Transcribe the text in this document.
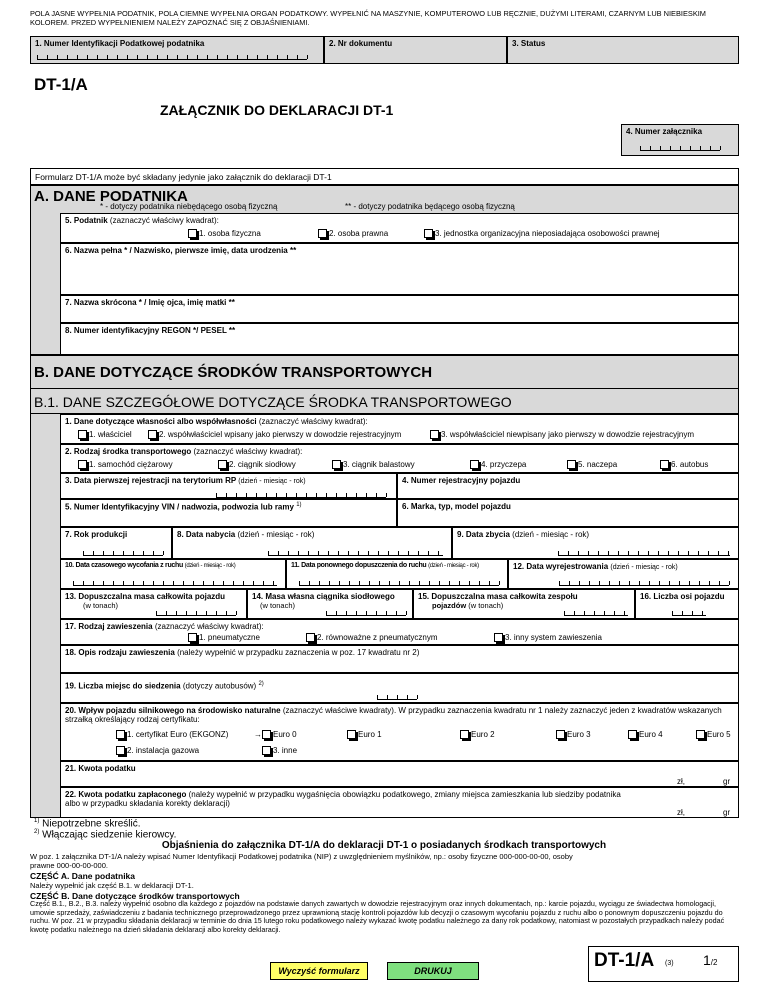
POLA JASNE WYPEŁNIA PODATNIK, POLA CIEMNE WYPEŁNIA ORGAN PODATKOWY. WYPEŁNIĆ NA MASZYNIE, KOMPUTEROWO LUB RĘCZNIE, DUŻYMI LITERAMI, CZARNYM LUB NIEBIESKIM KOLOREM. PRZED WYPEŁNIENIEM NALEŻY ZAPOZNAĆ SIĘ Z OBJAŚNIENIAMI.
1. Numer Identyfikacji Podatkowej podatnika	2. Nr dokumentu	3. Status
DT-1/A
ZAŁĄCZNIK DO DEKLARACJI DT-1
4. Numer załącznika
Formularz DT-1/A może być składany jedynie jako załącznik do deklaracji DT-1
A. DANE PODATNIKA
* - dotyczy podatnika niebędącego osobą fizyczną	** - dotyczy podatnika będącego osobą fizyczną
5. Podatnik (zaznaczyć właściwy kwadrat):
1. osoba fizyczna	2. osoba prawna	3. jednostka organizacyjna nieposiadająca osobowości prawnej
6. Nazwa pełna * / Nazwisko, pierwsze imię, data urodzenia **
7. Nazwa skrócona * / Imię ojca, imię matki **
8. Numer identyfikacyjny REGON */ PESEL **
B. DANE DOTYCZĄCE ŚRODKÓW TRANSPORTOWYCH
B.1. DANE SZCZEGÓŁOWE DOTYCZĄCE ŚRODKA TRANSPORTOWEGO
1. Dane dotyczące własności albo współwłasności (zaznaczyć właściwy kwadrat):
1. właściciel	2. współwłaściciel wpisany jako pierwszy w dowodzie rejestracyjnym	3. współwłaściciel niewpisany jako pierwszy w dowodzie rejestracyjnym
2. Rodzaj środka transportowego (zaznaczyć właściwy kwadrat):
1. samochód ciężarowy	2. ciągnik siodłowy	3. ciągnik balastowy	4. przyczepa	5. naczepa	6. autobus
3. Data pierwszej rejestracji na terytorium RP (dzień - miesiąc - rok)	4. Numer rejestracyjny pojazdu
5. Numer Identyfikacyjny VIN / nadwozia, podwozia lub ramy $^{1)}$	6. Marka, typ, model pojazdu
7. Rok produkcji	8. Data nabycia (dzień - miesiąc - rok)	9. Data zbycia (dzień - miesiąc - rok)
10. Data czasowego wycofania z ruchu (dzień - miesiąc - rok)	11. Data ponownego dopuszczenia do ruchu (dzień - miesiąc - rok)	12. Data wyrejestrowania (dzień - miesiąc - rok)
13. Dopuszczalna masa całkowita pojazdu
(w tonach)
14. Masa własna ciągnika siodłowego
(w tonach)
15. Dopuszczalna masa całkowita zespołu
pojazdów (w tonach)
16. Liczba osi pojazdu
17. Rodzaj zawieszenia (zaznaczyć właściwy kwadrat):
1. pneumatyczne	2. równoważne z pneumatycznym	3. inny system zawieszenia
18. Opis rodzaju zawieszenia (należy wypełnić w przypadku zaznaczenia w poz. 17 kwadratu nr 2)
19. Liczba miejsc do siedzenia (dotyczy autobusów) $^{2)}$
20. Wpływ pojazdu silnikowego na środowisko naturalne (zaznaczyć właściwe kwadraty). W przypadku zaznaczenia kwadratu nr 1 należy zaznaczyć jeden z kwadratów wskazanych strzałką określający rodzaj certyfikatu:
1. certyfikat Euro (EKGONZ)	→	Euro 0	Euro 1	Euro 2	Euro 3	Euro 4	Euro 5
2. instalacja gazowa	3. inne
21. Kwota podatku
zł,	gr
22. Kwota podatku zapłaconego (należy wypełnić w przypadku wygaśnięcia obowiązku podatkowego, zmiany miejsca zamieszkania lub siedziby podatnika albo w przypadku składania korekty deklaracji)
zł,	gr
$^{1)}$ Niepotrzebne skreślić.
$^{2)}$ Włączając siedzenie kierowcy.
Objaśnienia do załącznika DT-1/A do deklaracji DT-1 o posiadanych środkach transportowych
W poz. 1 załącznika DT-1/A należy wpisać Numer Identyfikacji Podatkowej podatnika (NIP) z uwzględnieniem myślników, np.: osoby fizyczne 000-000-00-00, osoby prawne 000-00-00-000.
CZĘŚĆ A. Dane podatnika
Należy wypełnić jak część B.1. w deklaracji DT-1.
CZĘŚĆ B. Dane dotyczące środków transportowych
Część B.1., B.2., B.3. należy wypełnić osobno dla każdego z pojazdów na podstawie danych zawartych w dowodzie rejestracyjnym oraz innych dokumentach, np.: karcie pojazdu, wyciągu ze świadectwa homologacji, umowie sprzedaży, zaświadczeniu z badania technicznego przeprowadzonego przez uprawnioną stację kontroli pojazdów lub decyzji o czasowym wycofaniu pojazdu z ruchu albo o ponownym dopuszczeniu pojazdu do ruchu. W poz. 21 w przypadku składania deklaracji w terminie do dnia 15 lutego roku podatkowego należy wykazać kwotę podatku należnego za dany rok podatkowy, natomiast w pozostałych przypadkach należy podać kwotę podatku należnego na dzień składania deklaracji albo korekty deklaracji.
Wyczyść formularz	DRUKUJ	DT-1/A (3) 1/2
